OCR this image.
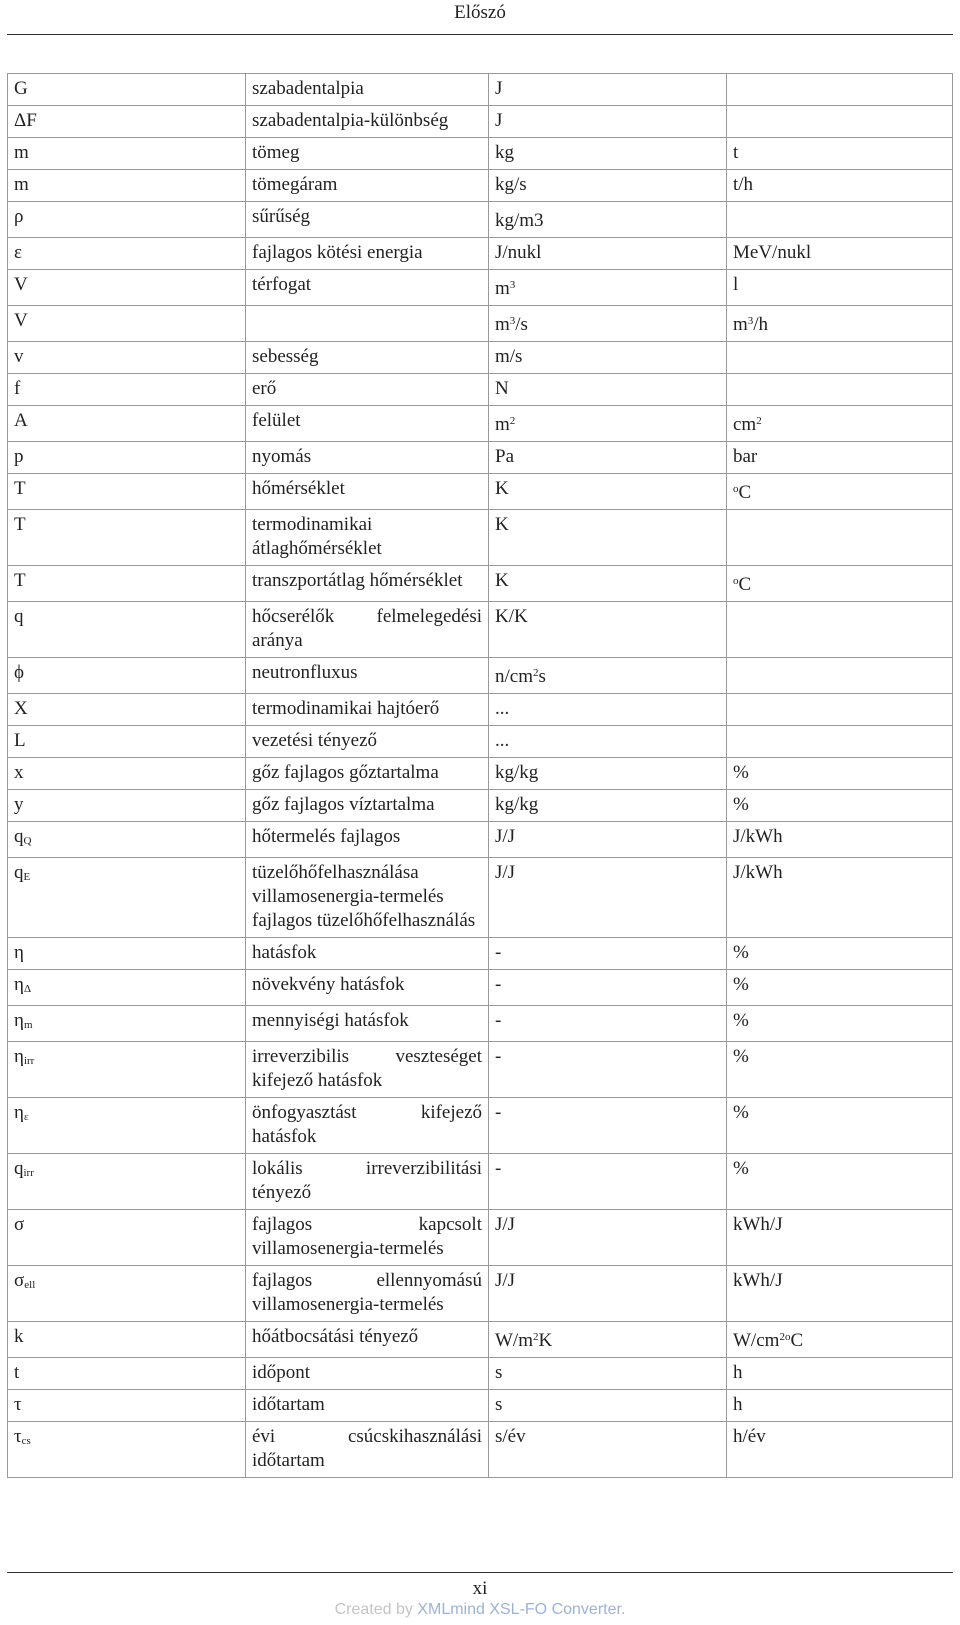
Előszó
G	szabadentalpia	J	
ΔF	szabadentalpia-különbség	J	
m	tömeg	kg	t
m	tömegáram	kg/s	t/h
ρ	sűrűség	kg/m3	
ε	fajlagos kötési energia	J/nukl	MeV/nukl
V	térfogat	$m^3$	l
V		$m^3/s$	$m^3/h$
v	sebesség	m/s	
f	erő	N	
A	felület	$m^2$	$cm^2$
p	nyomás	Pa	bar
T	hőmérséklet	K	$^o$C
T	termodinamikai átlaghőmérséklet	K	
T	transzportátlag hőmérséklet	K	$^o$C
q	hőcserélők felmelegedési aránya	K/K	
ϕ	neutronfluxus	$n/cm^2s$	
X	termodinamikai hajtóerő	...	
L	vezetési tényező	...	
x	gőz fajlagos gőztartalma	kg/kg	%
y	gőz fajlagos víztartalma	kg/kg	%
qQ	hőtermelés fajlagos	J/J	J/kWh
qE	tüzelőhőfelhasználása villamosenergia-termelés fajlagos tüzelőhőfelhasználás	J/J	J/kWh
η	hatásfok	-	%
ηΔ	növekvény hatásfok	-	%
ηm	mennyiségi hatásfok	-	%
ηirr	irreverzibilis veszteséget kifejező hatásfok	-	%
ηε	önfogyasztást kifejező hatásfok	-	%
qirr	lokális irreverzibilitási tényező	-	%
σ	fajlagos kapcsolt villamosenergia-termelés	J/J	kWh/J
σell	fajlagos ellennyomású villamosenergia-termelés	J/J	kWh/J
k	hőátbocsátási tényező	$W/m^2K$	$W/cm^{2o}C$
t	időpont	s	h
τ	időtartam	s	h
τcs	évi csúcskihasználási időtartam	s/év	h/év
xi
Created by XMLmind XSL-FO Converter.
